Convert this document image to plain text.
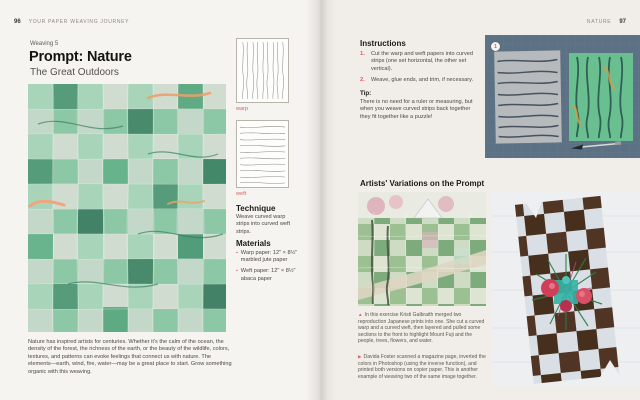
96 YOUR PAPER WEAVING JOURNEY
Weaving 5
Prompt: Nature
The Great Outdoors
Nature has inspired artists for centuries. Whether it's the calm of the ocean, the density of the forest, the richness of the earth, or the beauty of the wildlife, colors, textures, and patterns can evoke feelings that connect us with nature. The elements—earth, wind, fire, water—may be a great place to start. Grow something organic with this weaving.
warp
weft
Technique
Weave curved warp strips into curved weft strips.
Materials
▪ Warp paper: 12" × 8½" marbled jute paper
▪ Weft paper: 12" × 8½" abaca paper
NATURE 97
Instructions
1.	Cut the warp and weft papers into curved strips (one set horizontal, the other set vertical).
2.	Weave, glue ends, and trim, if necessary.
Tip:
There is no need for a ruler or measuring, but when you weave curved strips back together they fit together like a puzzle!
1
Artists' Variations on the Prompt
▲ In this exercise Kristi Galbraith merged two reproduction Japanese prints into one. She cut a curved warp and a curved weft, then layered and pulled some sections to the front to highlight Mount Fuji and the people, trees, flowers, and water.
▶ Davida Foster scanned a magazine page, inverted the colors in Photoshop (using the inverse function), and printed both versions on copier paper. This is another example of weaving two of the same image together.
